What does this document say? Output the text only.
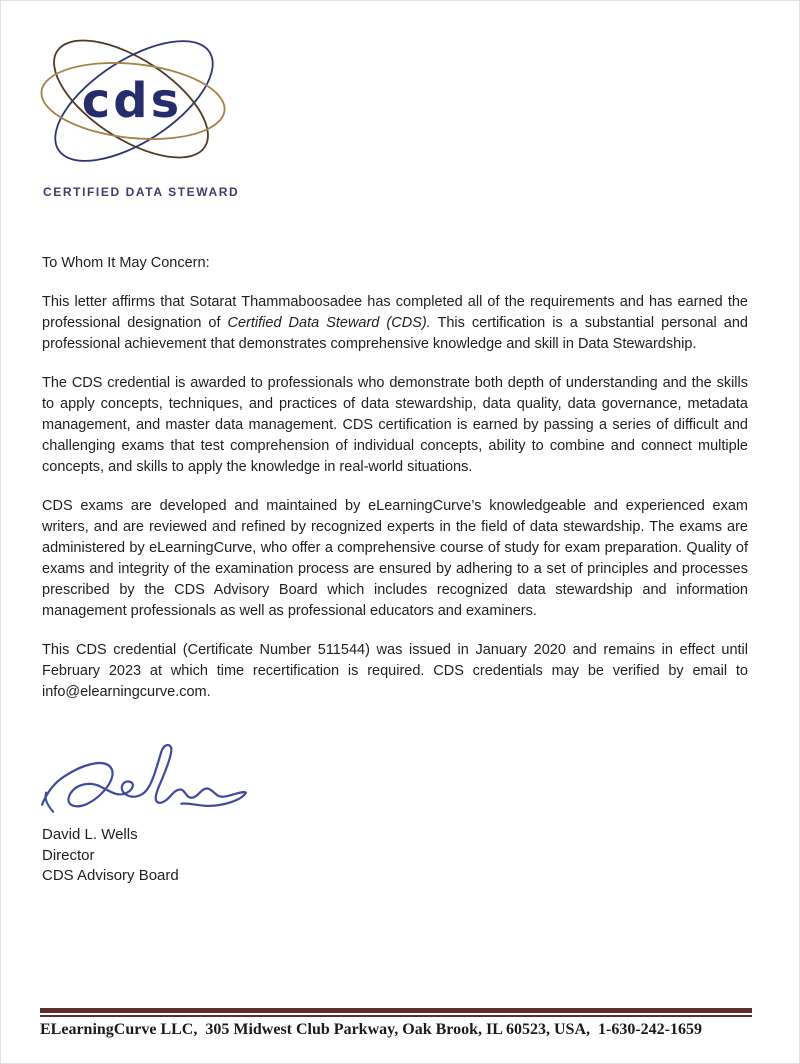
cds
CERTIFIED DATA STEWARD

To Whom It May Concern:

This letter affirms that Sotarat Thammaboosadee has completed all of the requirements and has earned the professional designation of Certified Data Steward (CDS). This certification is a substantial personal and professional achievement that demonstrates comprehensive knowledge and skill in Data Stewardship.

The CDS credential is awarded to professionals who demonstrate both depth of understanding and the skills to apply concepts, techniques, and practices of data stewardship, data quality, data governance, metadata management, and master data management. CDS certification is earned by passing a series of difficult and challenging exams that test comprehension of individual concepts, ability to combine and connect multiple concepts, and skills to apply the knowledge in real-world situations.

CDS exams are developed and maintained by eLearningCurve’s knowledgeable and experienced exam writers, and are reviewed and refined by recognized experts in the field of data stewardship. The exams are administered by eLearningCurve, who offer a comprehensive course of study for exam preparation. Quality of exams and integrity of the examination process are ensured by adhering to a set of principles and processes prescribed by the CDS Advisory Board which includes recognized data stewardship and information management professionals as well as professional educators and examiners.

This CDS credential (Certificate Number 511544) was issued in January 2020 and remains in effect until February 2023 at which time recertification is required. CDS credentials may be verified by email to info@elearningcurve.com.

David L. Wells
Director
CDS Advisory Board
ELearningCurve LLC,  305 Midwest Club Parkway, Oak Brook, IL 60523, USA,  1-630-242-1659
